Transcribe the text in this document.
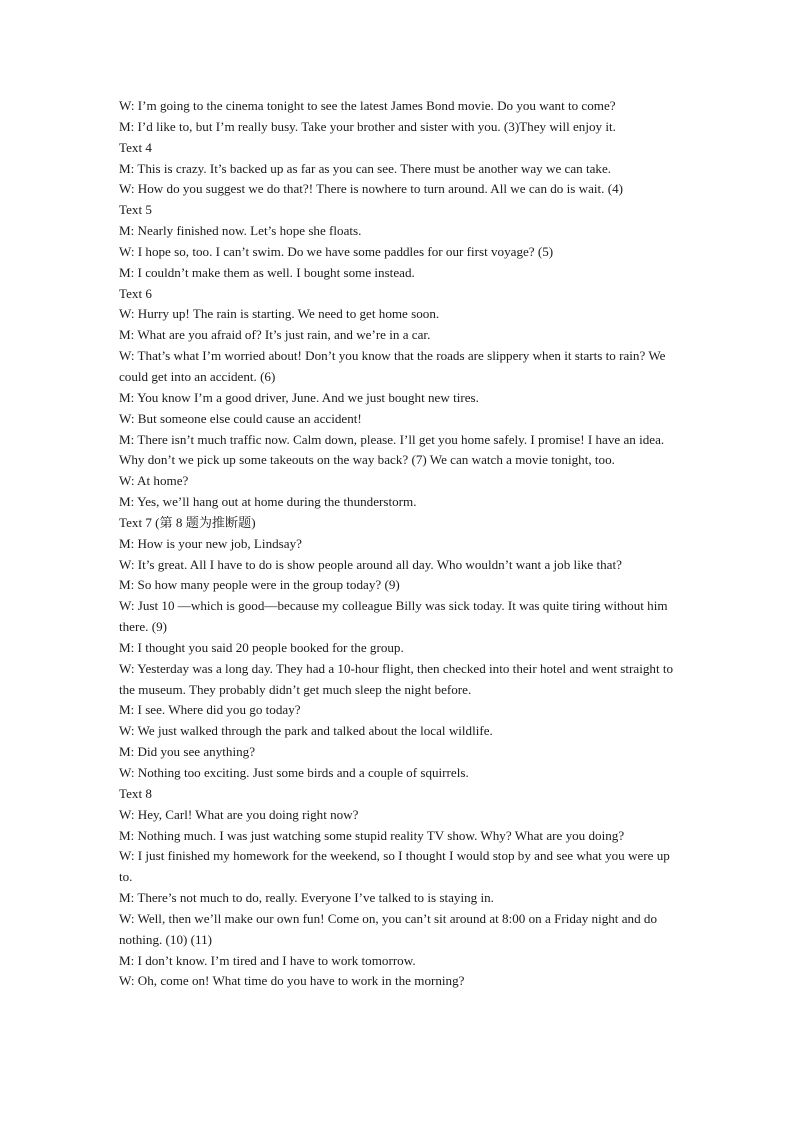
W: I’m going to the cinema tonight to see the latest James Bond movie. Do you want to come?

M: I’d like to, but I’m really busy. Take your brother and sister with you. (3)They will enjoy it.

Text 4

M: This is crazy. It’s backed up as far as you can see. There must be another way we can take.

W: How do you suggest we do that?! There is nowhere to turn around. All we can do is wait. (4)

Text 5

M: Nearly finished now. Let’s hope she floats.

W: I hope so, too. I can’t swim. Do we have some paddles for our first voyage? (5)

M: I couldn’t make them as well. I bought some instead.

Text 6

W: Hurry up! The rain is starting. We need to get home soon.

M: What are you afraid of? It’s just rain, and we’re in a car.

W: That’s what I’m worried about! Don’t you know that the roads are slippery when it starts to rain? We could get into an accident. (6)

M: You know I’m a good driver, June. And we just bought new tires.

W: But someone else could cause an accident!

M: There isn’t much traffic now. Calm down, please. I’ll get you home safely. I promise! I have an idea. Why don’t we pick up some takeouts on the way back? (7) We can watch a movie tonight, too.

W: At home?

M: Yes, we’ll hang out at home during the thunderstorm.

Text 7 (第 8 题为推断题)

M: How is your new job, Lindsay?

W: It’s great. All I have to do is show people around all day. Who wouldn’t want a job like that?

M: So how many people were in the group today? (9)

W: Just 10 —which is good—because my colleague Billy was sick today. It was quite tiring without him there. (9)

M: I thought you said 20 people booked for the group.

W: Yesterday was a long day. They had a 10-hour flight, then checked into their hotel and went straight to the museum. They probably didn’t get much sleep the night before.

M: I see. Where did you go today?

W: We just walked through the park and talked about the local wildlife.

M: Did you see anything?

W: Nothing too exciting. Just some birds and a couple of squirrels.

Text 8

W: Hey, Carl! What are you doing right now?

M: Nothing much. I was just watching some stupid reality TV show. Why? What are you doing?

W: I just finished my homework for the weekend, so I thought I would stop by and see what you were up to.

M: There’s not much to do, really. Everyone I’ve talked to is staying in.

W: Well, then we’ll make our own fun! Come on, you can’t sit around at 8:00 on a Friday night and do nothing. (10) (11)

M: I don’t know. I’m tired and I have to work tomorrow.

W: Oh, come on! What time do you have to work in the morning?
